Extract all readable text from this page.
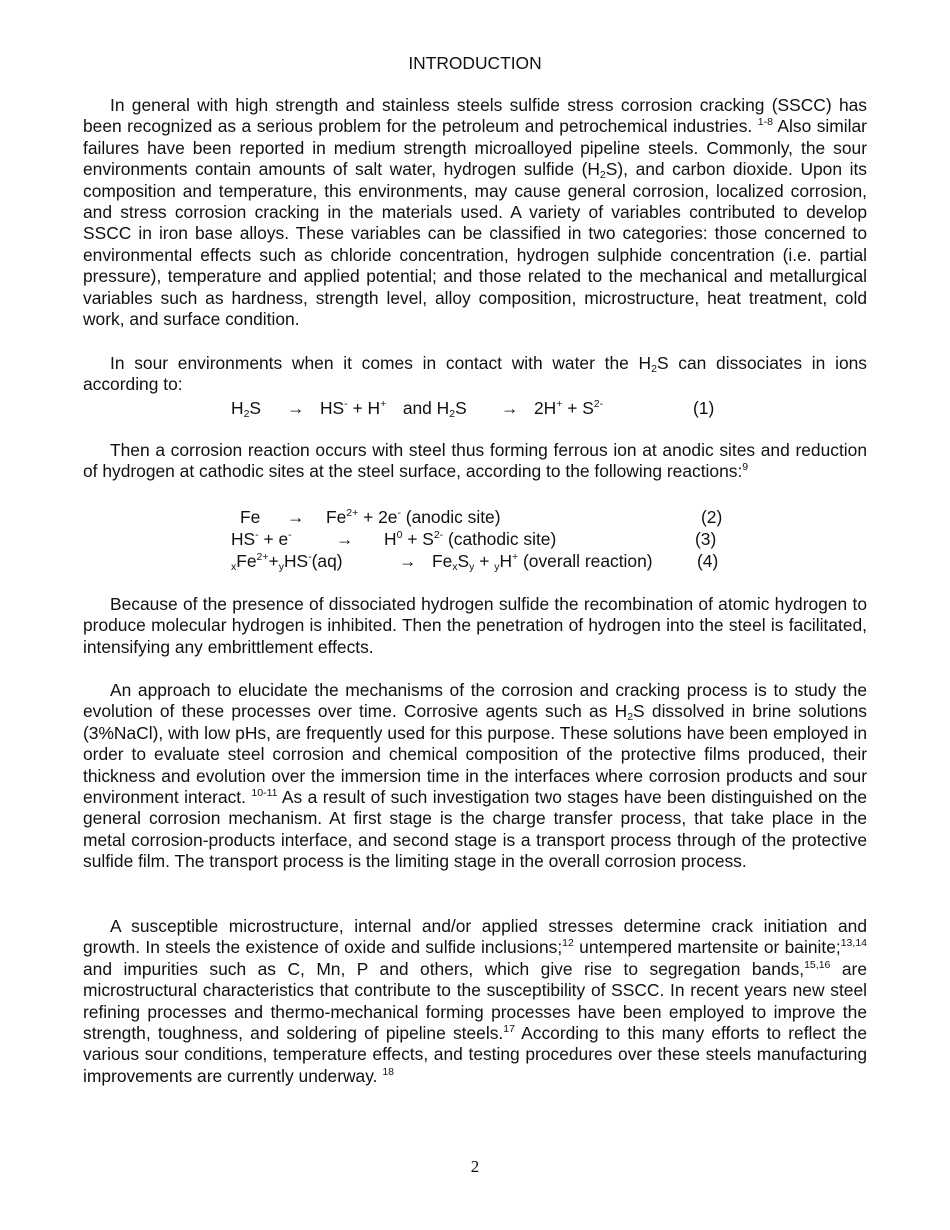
INTRODUCTION

In general with high strength and stainless steels sulfide stress corrosion cracking (SSCC) has been recognized as a serious problem for the petroleum and petrochemical industries. $^{1-8}$ Also similar failures have been reported in medium strength microalloyed pipeline steels. Commonly, the sour environments contain amounts of salt water, hydrogen sulfide $(H_2S)$, and carbon dioxide. Upon its composition and temperature, this environments, may cause general corrosion, localized corrosion, and stress corrosion cracking in the materials used. A variety of variables contributed to develop SSCC in iron base alloys. These variables can be classified in two categories: those concerned to environmental effects such as chloride concentration, hydrogen sulphide concentration (i.e. partial pressure), temperature and applied potential; and those related to the mechanical and metallurgical variables such as hardness, strength level, alloy composition, microstructure, heat treatment, cold work, and surface condition.

In sour environments when it comes in contact with water the $H_2S$ can dissociates in ions according to:

$H_2S \to HS^- + H^+$ and $H_2S \to 2H^+ + S^{2-}$	(1)

Then a corrosion reaction occurs with steel thus forming ferrous ion at anodic sites and reduction of hydrogen at cathodic sites at the steel surface, according to the following reactions:$^9$

$Fe \to Fe^{2+} + 2e^-$ (anodic site)	(2)
HS- + e-	→ $H^0 + S^{2-}$ (cathodic site)	(3)
$_xFe^{2+}+_yHS^-(aq)$	→ $Fe_xS_y + _yH^+$ (overall reaction)	(4)

Because of the presence of dissociated hydrogen sulfide the recombination of atomic hydrogen to produce molecular hydrogen is inhibited. Then the penetration of hydrogen into the steel is facilitated, intensifying any embrittlement effects.

An approach to elucidate the mechanisms of the corrosion and cracking process is to study the evolution of these processes over time. Corrosive agents such as $H_2S$ dissolved in brine solutions (3%NaCl), with low pHs, are frequently used for this purpose. These solutions have been employed in order to evaluate steel corrosion and chemical composition of the protective films produced, their thickness and evolution over the immersion time in the interfaces where corrosion products and sour environment interact. $^{10-11}$ As a result of such investigation two stages have been distinguished on the general corrosion mechanism. At first stage is the charge transfer process, that take place in the metal corrosion-products interface, and second stage is a transport process through of the protective sulfide film. The transport process is the limiting stage in the overall corrosion process.

A susceptible microstructure, internal and/or applied stresses determine crack initiation and growth. In steels the existence of oxide and sulfide inclusions;$^{12}$ untempered martensite or bainite;$^{13,14}$ and impurities such as C, Mn, P and others, which give rise to segregation bands,$^{15,16}$ are microstructural characteristics that contribute to the susceptibility of SSCC. In recent years new steel refining processes and thermo-mechanical forming processes have been employed to improve the strength, toughness, and soldering of pipeline steels.$^{17}$ According to this many efforts to reflect the various sour conditions, temperature effects, and testing procedures over these steels manufacturing improvements are currently underway. $^{18}$

2
